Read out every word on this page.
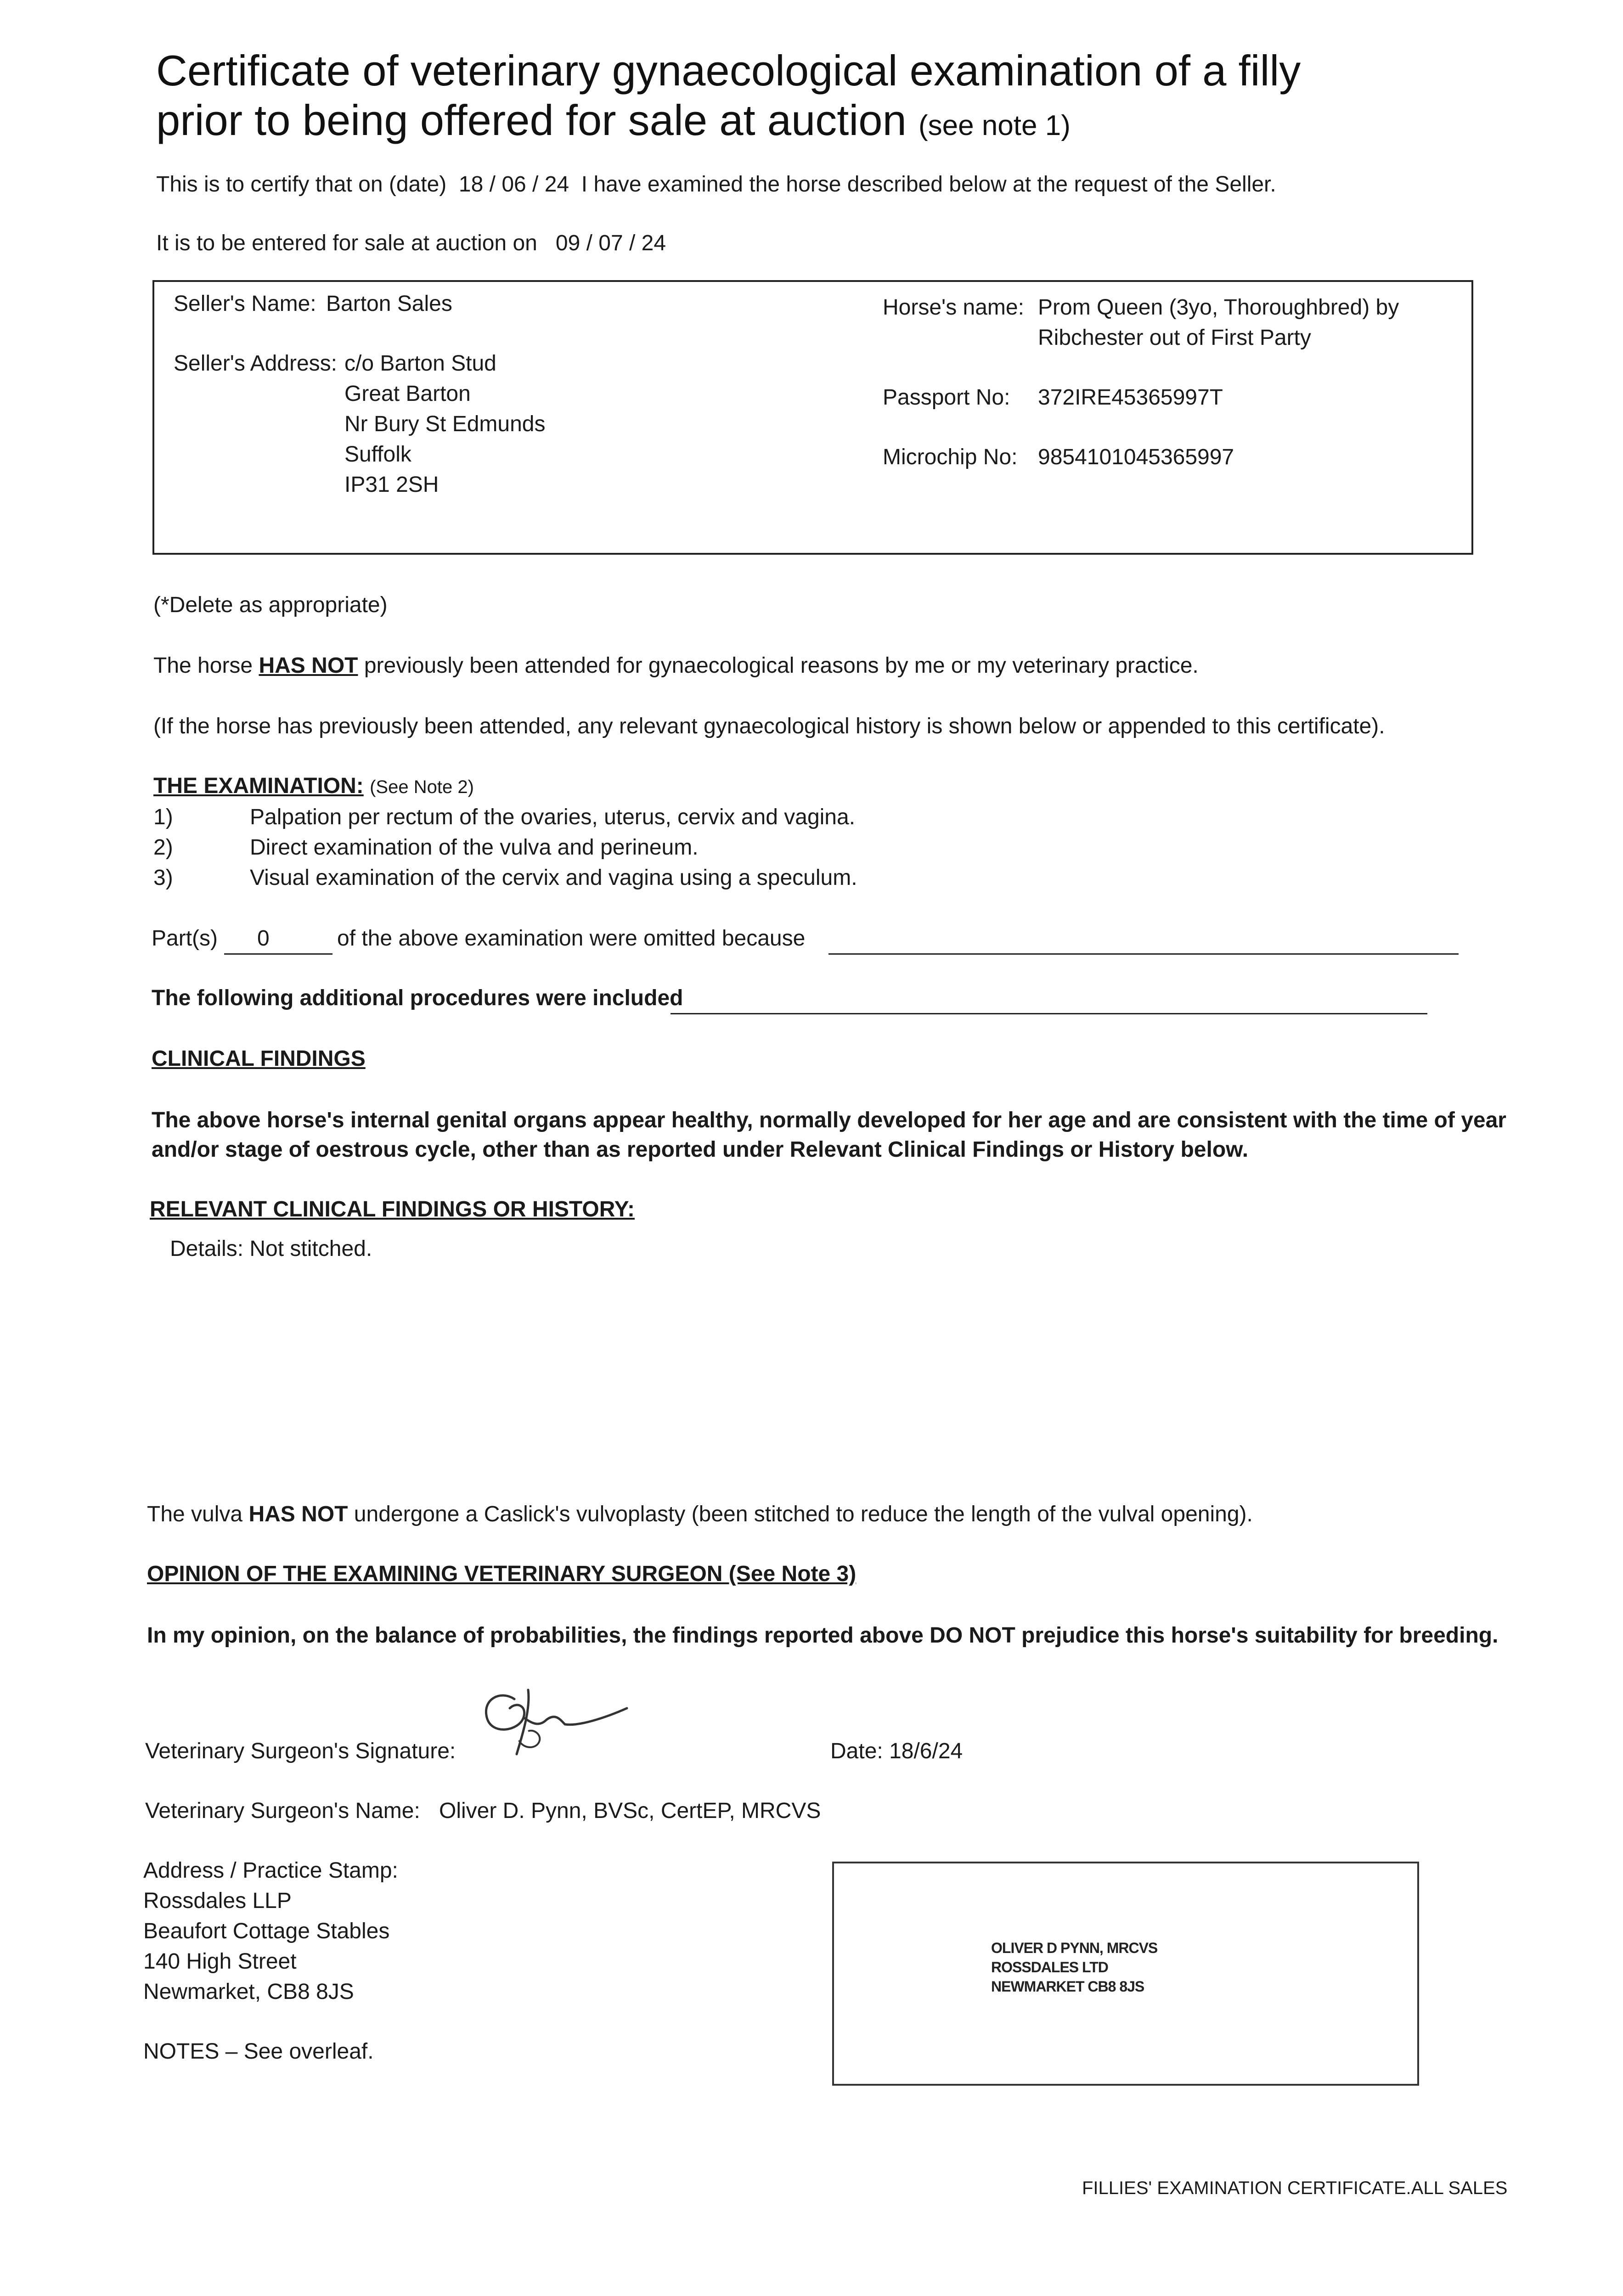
Certificate of veterinary gynaecological examination of a filly
prior to being offered for sale at auction (see note 1)
This is to certify that on (date) 18 / 06 / 24 I have examined the horse described below at the request of the Seller.
It is to be entered for sale at auction on 09 / 07 / 24
Seller's Name: Barton Sales
Seller's Address: c/o Barton Stud
Great Barton
Nr Bury St Edmunds
Suffolk
IP31 2SH
Horse's name: Prom Queen (3yo, Thoroughbred) by
Ribchester out of First Party
Passport No: 372IRE45365997T
Microchip No: 9854101045365997
(*Delete as appropriate)
The horse HAS NOT previously been attended for gynaecological reasons by me or my veterinary practice.
(If the horse has previously been attended, any relevant gynaecological history is shown below or appended to this certificate).
THE EXAMINATION: (See Note 2)
1)	Palpation per rectum of the ovaries, uterus, cervix and vagina.
2)	Direct examination of the vulva and perineum.
3)	Visual examination of the cervix and vagina using a speculum.
Part(s) 0	of the above examination were omitted because
The following additional procedures were included
CLINICAL FINDINGS
The above horse's internal genital organs appear healthy, normally developed for her age and are consistent with the time of year
and/or stage of oestrous cycle, other than as reported under Relevant Clinical Findings or History below.
RELEVANT CLINICAL FINDINGS OR HISTORY:
Details: Not stitched.
The vulva HAS NOT undergone a Caslick's vulvoplasty (been stitched to reduce the length of the vulval opening).
OPINION OF THE EXAMINING VETERINARY SURGEON (See Note 3)
In my opinion, on the balance of probabilities, the findings reported above DO NOT prejudice this horse's suitability for breeding.
Veterinary Surgeon's Signature:	Date: 18/6/24
Veterinary Surgeon's Name: Oliver D. Pynn, BVSc, CertEP, MRCVS
Address / Practice Stamp:
Rossdales LLP
Beaufort Cottage Stables
140 High Street
Newmarket, CB8 8JS
NOTES – See overleaf.
OLIVER D PYNN, MRCVS
ROSSDALES LTD
NEWMARKET CB8 8JS
FILLIES' EXAMINATION CERTIFICATE.ALL SALES
